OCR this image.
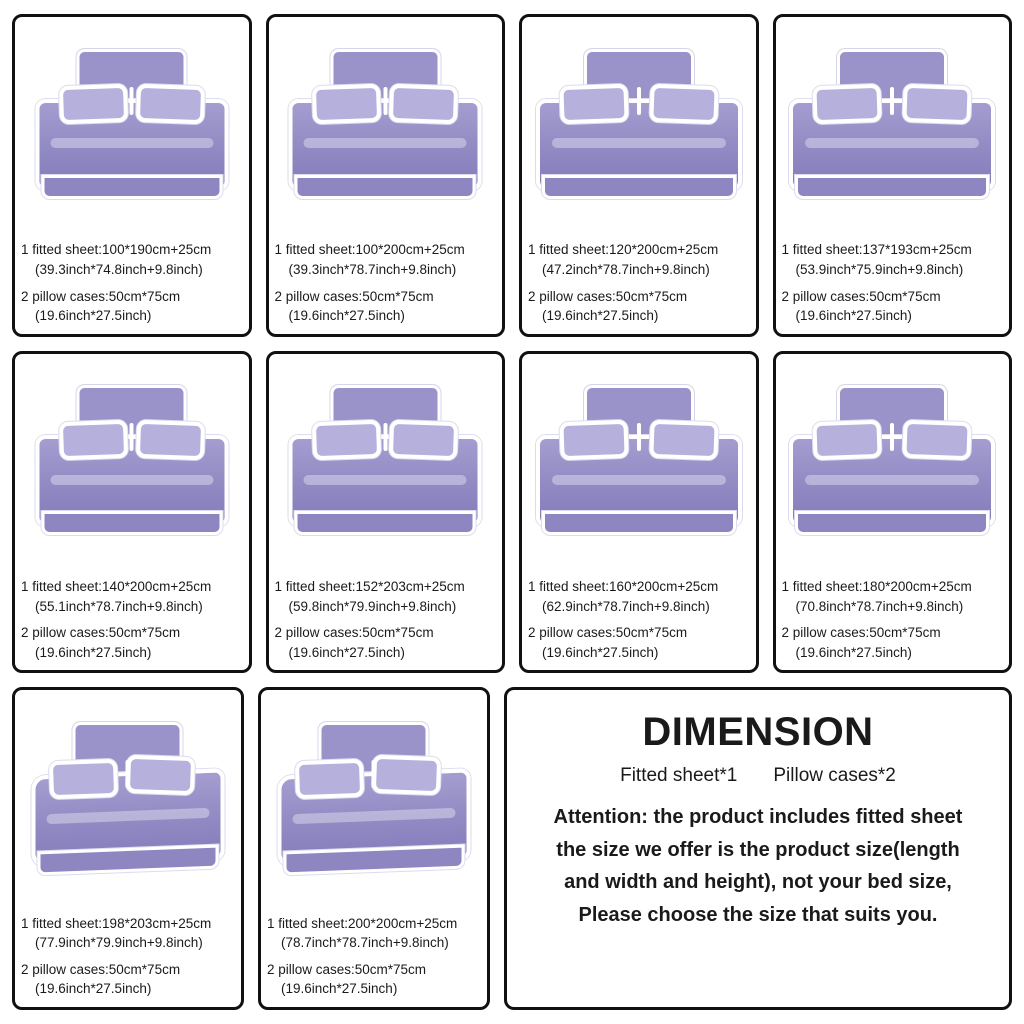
1 fitted sheet:100*190cm+25cm
(39.3inch*74.8inch+9.8inch)
2 pillow cases:50cm*75cm
(19.6inch*27.5inch)
1 fitted sheet:100*200cm+25cm
(39.3inch*78.7inch+9.8inch)
2 pillow cases:50cm*75cm
(19.6inch*27.5inch)
1 fitted sheet:120*200cm+25cm
(47.2inch*78.7inch+9.8inch)
2 pillow cases:50cm*75cm
(19.6inch*27.5inch)
1 fitted sheet:137*193cm+25cm
(53.9inch*75.9inch+9.8inch)
2 pillow cases:50cm*75cm
(19.6inch*27.5inch)
1 fitted sheet:140*200cm+25cm
(55.1inch*78.7inch+9.8inch)
2 pillow cases:50cm*75cm
(19.6inch*27.5inch)
1 fitted sheet:152*203cm+25cm
(59.8inch*79.9inch+9.8inch)
2 pillow cases:50cm*75cm
(19.6inch*27.5inch)
1 fitted sheet:160*200cm+25cm
(62.9inch*78.7inch+9.8inch)
2 pillow cases:50cm*75cm
(19.6inch*27.5inch)
1 fitted sheet:180*200cm+25cm
(70.8inch*78.7inch+9.8inch)
2 pillow cases:50cm*75cm
(19.6inch*27.5inch)
1 fitted sheet:198*203cm+25cm
(77.9inch*79.9inch+9.8inch)
2 pillow cases:50cm*75cm
(19.6inch*27.5inch)
1 fitted sheet:200*200cm+25cm
(78.7inch*78.7inch+9.8inch)
2 pillow cases:50cm*75cm
(19.6inch*27.5inch)
DIMENSION
Fitted sheet*1 Pillow cases*2
Attention: the product includes fitted sheet
the size we offer is the product size(length
and width and height), not your bed size,
Please choose the size that suits you.
